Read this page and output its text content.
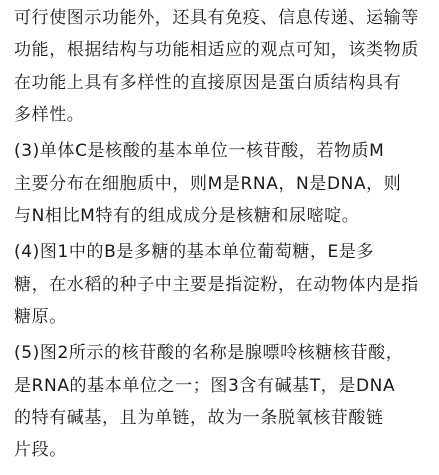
可行使图示功能外，还具有免疫、信息传递、运输等
功能，根据结构与功能相适应的观点可知，该类物质
在功能上具有多样性的直接原因是蛋白质结构具有
多样性。
(3)单体C是核酸的基本单位一核苷酸，若物质M
主要分布在细胞质中，则M是RNA，N是DNA，则
与N相比M特有的组成成分是核糖和尿嘧啶。
(4)图1中的B是多糖的基本单位葡萄糖，E是多
糖，在水稻的种子中主要是指淀粉，在动物体内是指
糖原。
(5)图2所示的核苷酸的名称是腺嘌呤核糖核苷酸，
是RNA的基本单位之一；图3含有碱基T，是DNA
的特有碱基，且为单链，故为一条脱氧核苷酸链
片段。
